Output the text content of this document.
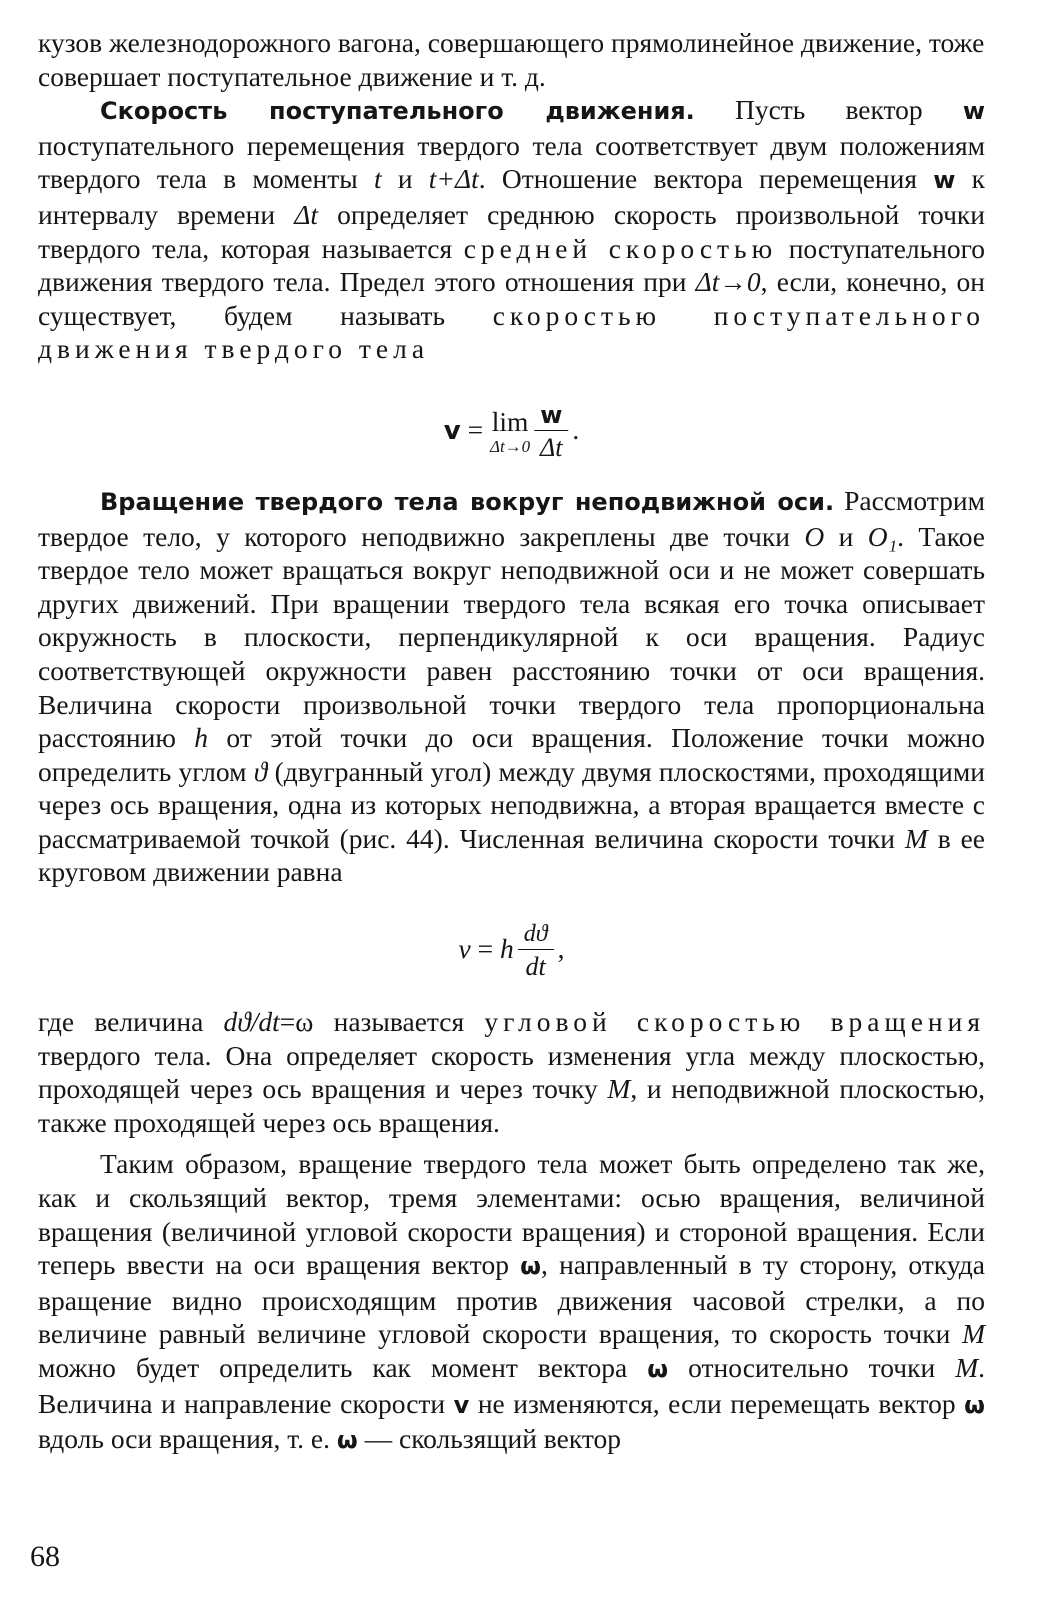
кузов железнодорожного вагона, совершающего прямолинейное движение, тоже совершает поступательное движение и т. д.

Скорость поступательного движения. Пусть вектор w поступательного перемещения твердого тела соответствует двум положениям твердого тела в моменты t и t+Δt. Отношение вектора перемещения w к интервалу времени Δt определяет среднюю скорость произвольной точки твердого тела, которая называется средней скоростью поступательного движения твердого тела. Предел этого отношения при Δt→0, если, конечно, он существует, будем называть скоростью поступательного движения твердого тела

v = lim
$\Delta t\to 0 \frac{w}{\Delta t}$ .

Вращение твердого тела вокруг неподвижной оси. Рассмотрим твердое тело, у которого неподвижно закреплены две точки O и O₁. Такое твердое тело может вращаться вокруг неподвижной оси и не может совершать других движений. При вращении твердого тела всякая его точка описывает окружность в плоскости, перпендикулярной к оси вращения. Радиус соответствующей окружности равен расстоянию точки от оси вращения. Величина скорости произвольной точки твердого тела пропорциональна расстоянию h от этой точки до оси вращения. Положение точки можно определить углом ϑ (двугранный угол) между двумя плоскостями, проходящими через ось вращения, одна из которых неподвижна, а вторая вращается вместе с рассматриваемой точкой (рис. 44). Численная величина скорости точки M в ее круговом движении равна

v = h $\frac{dϑ}{dt}$ ,

где величина dϑ/dt=ω называется угловой скоростью вращения твердого тела. Она определяет скорость изменения угла между плоскостью, проходящей через ось вращения и через точку M, и неподвижной плоскостью, также проходящей через ось вращения.

Таким образом, вращение твердого тела может быть определено так же, как и скользящий вектор, тремя элементами: осью вращения, величиной вращения (величиной угловой скорости вращения) и стороной вращения. Если теперь ввести на оси вращения вектор ω, направленный в ту сторону, откуда вращение видно происходящим против движения часовой стрелки, а по величине равный величине угловой скорости вращения, то скорость точки M можно будет определить как момент вектора ω относительно точки M. Величина и направление скорости v не изменяются, если перемещать вектор ω вдоль оси вращения, т. е. ω — скользящий вектор

68
